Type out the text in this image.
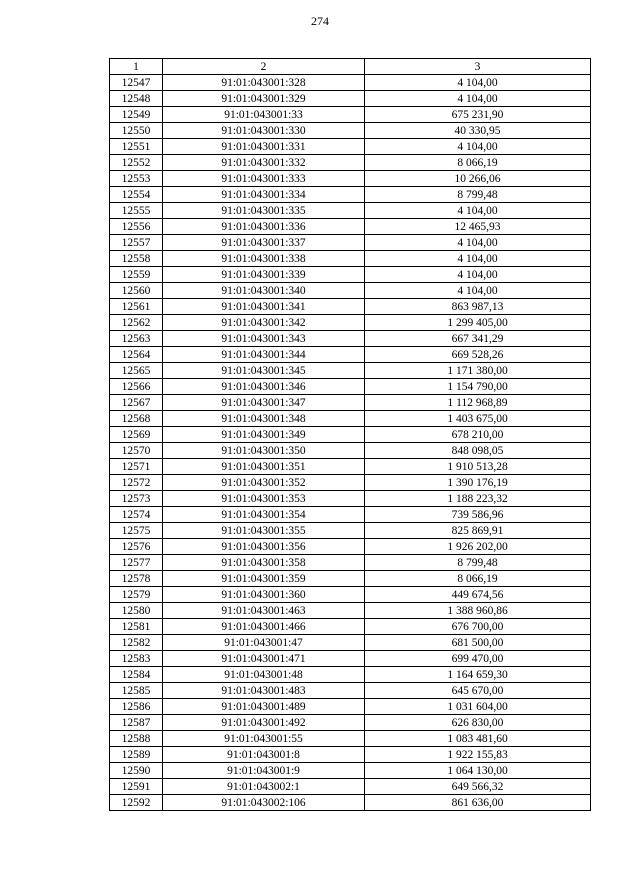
274
1	2	3
12547	91:01:043001:328	4 104,00
12548	91:01:043001:329	4 104,00
12549	91:01:043001:33	675 231,90
12550	91:01:043001:330	40 330,95
12551	91:01:043001:331	4 104,00
12552	91:01:043001:332	8 066,19
12553	91:01:043001:333	10 266,06
12554	91:01:043001:334	8 799,48
12555	91:01:043001:335	4 104,00
12556	91:01:043001:336	12 465,93
12557	91:01:043001:337	4 104,00
12558	91:01:043001:338	4 104,00
12559	91:01:043001:339	4 104,00
12560	91:01:043001:340	4 104,00
12561	91:01:043001:341	863 987,13
12562	91:01:043001:342	1 299 405,00
12563	91:01:043001:343	667 341,29
12564	91:01:043001:344	669 528,26
12565	91:01:043001:345	1 171 380,00
12566	91:01:043001:346	1 154 790,00
12567	91:01:043001:347	1 112 968,89
12568	91:01:043001:348	1 403 675,00
12569	91:01:043001:349	678 210,00
12570	91:01:043001:350	848 098,05
12571	91:01:043001:351	1 910 513,28
12572	91:01:043001:352	1 390 176,19
12573	91:01:043001:353	1 188 223,32
12574	91:01:043001:354	739 586,96
12575	91:01:043001:355	825 869,91
12576	91:01:043001:356	1 926 202,00
12577	91:01:043001:358	8 799,48
12578	91:01:043001:359	8 066,19
12579	91:01:043001:360	449 674,56
12580	91:01:043001:463	1 388 960,86
12581	91:01:043001:466	676 700,00
12582	91:01:043001:47	681 500,00
12583	91:01:043001:471	699 470,00
12584	91:01:043001:48	1 164 659,30
12585	91:01:043001:483	645 670,00
12586	91:01:043001:489	1 031 604,00
12587	91:01:043001:492	626 830,00
12588	91:01:043001:55	1 083 481,60
12589	91:01:043001:8	1 922 155,83
12590	91:01:043001:9	1 064 130,00
12591	91:01:043002:1	649 566,32
12592	91:01:043002:106	861 636,00
